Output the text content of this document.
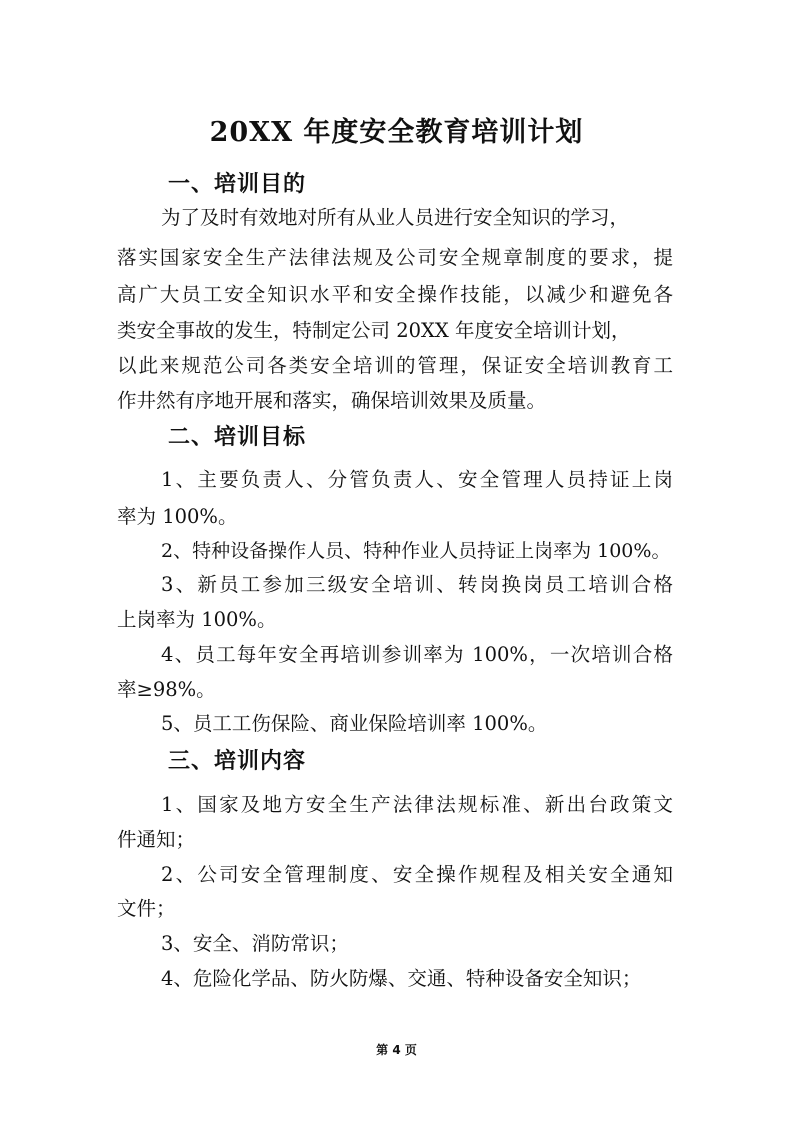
20XX 年度安全教育培训计划
一、培训目的
为了及时有效地对所有从业人员进行安全知识的学习，
落实国家安全生产法律法规及公司安全规章制度的要求，提
高广大员工安全知识水平和安全操作技能，以减少和避免各
类安全事故的发生，特制定公司 20XX 年度安全培训计划，
以此来规范公司各类安全培训的管理，保证安全培训教育工
作井然有序地开展和落实，确保培训效果及质量。
二、培训目标
1、主要负责人、分管负责人、安全管理人员持证上岗
率为 100%。
2、特种设备操作人员、特种作业人员持证上岗率为 100%。
3、新员工参加三级安全培训、转岗换岗员工培训合格
上岗率为 100%。
4、员工每年安全再培训参训率为 100%，一次培训合格
率≥98%。
5、员工工伤保险、商业保险培训率 100%。
三、培训内容
1、国家及地方安全生产法律法规标准、新出台政策文
件通知；
2、公司安全管理制度、安全操作规程及相关安全通知
文件；
3、安全、消防常识；
4、危险化学品、防火防爆、交通、特种设备安全知识；
第 4 页
